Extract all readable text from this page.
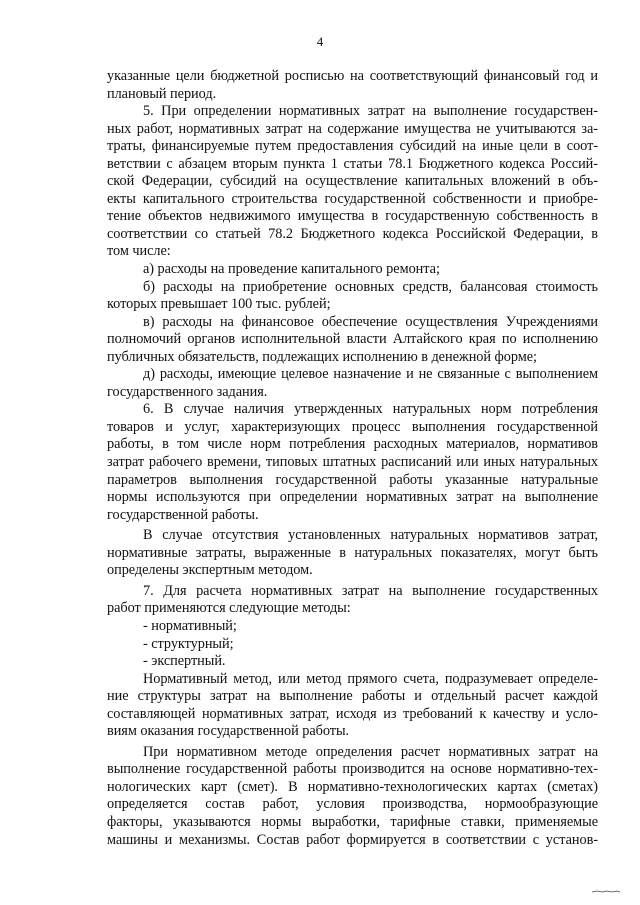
4

указанные цели бюджетной росписью на соответствующий финансовый год и
плановый период.

5. При определении нормативных затрат на выполнение государствен-
ных работ, нормативных затрат на содержание имущества не учитываются за-
траты, финансируемые путем предоставления субсидий на иные цели в соот-
ветствии с абзацем вторым пункта 1 статьи 78.1 Бюджетного кодекса Россий-
ской Федерации, субсидий на осуществление капитальных вложений в объ-
екты капитального строительства государственной собственности и приобре-
тение объектов недвижимого имущества в государственную собственность в
соответствии со статьей 78.2 Бюджетного кодекса Российской Федерации, в
том числе:

а) расходы на проведение капитального ремонта;

б) расходы на приобретение основных средств, балансовая стоимость
которых превышает 100 тыс. рублей;

в) расходы на финансовое обеспечение осуществления Учреждениями
полномочий органов исполнительной власти Алтайского края по исполнению
публичных обязательств, подлежащих исполнению в денежной форме;

д) расходы, имеющие целевое назначение и не связанные с выполнением
государственного задания.

6. В случае наличия утвержденных натуральных норм потребления
товаров и услуг, характеризующих процесс выполнения государственной
работы, в том числе норм потребления расходных материалов, нормативов
затрат рабочего времени, типовых штатных расписаний или иных натуральных
параметров выполнения государственной работы указанные натуральные
нормы используются при определении нормативных затрат на выполнение
государственной работы.

В случае отсутствия установленных натуральных нормативов затрат,
нормативные затраты, выраженные в натуральных показателях, могут быть
определены экспертным методом.

7. Для расчета нормативных затрат на выполнение государственных
работ применяются следующие методы:

- нормативный;

- структурный;

- экспертный.

Нормативный метод, или метод прямого счета, подразумевает определе-
ние структуры затрат на выполнение работы и отдельный расчет каждой
составляющей нормативных затрат, исходя из требований к качеству и усло-
виям оказания государственной работы.

При нормативном методе определения расчет нормативных затрат на
выполнение государственной работы производится на основе нормативно-тех-
нологических карт (смет). В нормативно-технологических картах (сметах)
определяется состав работ, условия производства, нормообразующие
факторы, указываются нормы выработки, тарифные ставки, применяемые
машины и механизмы. Состав работ формируется в соответствии с установ-
